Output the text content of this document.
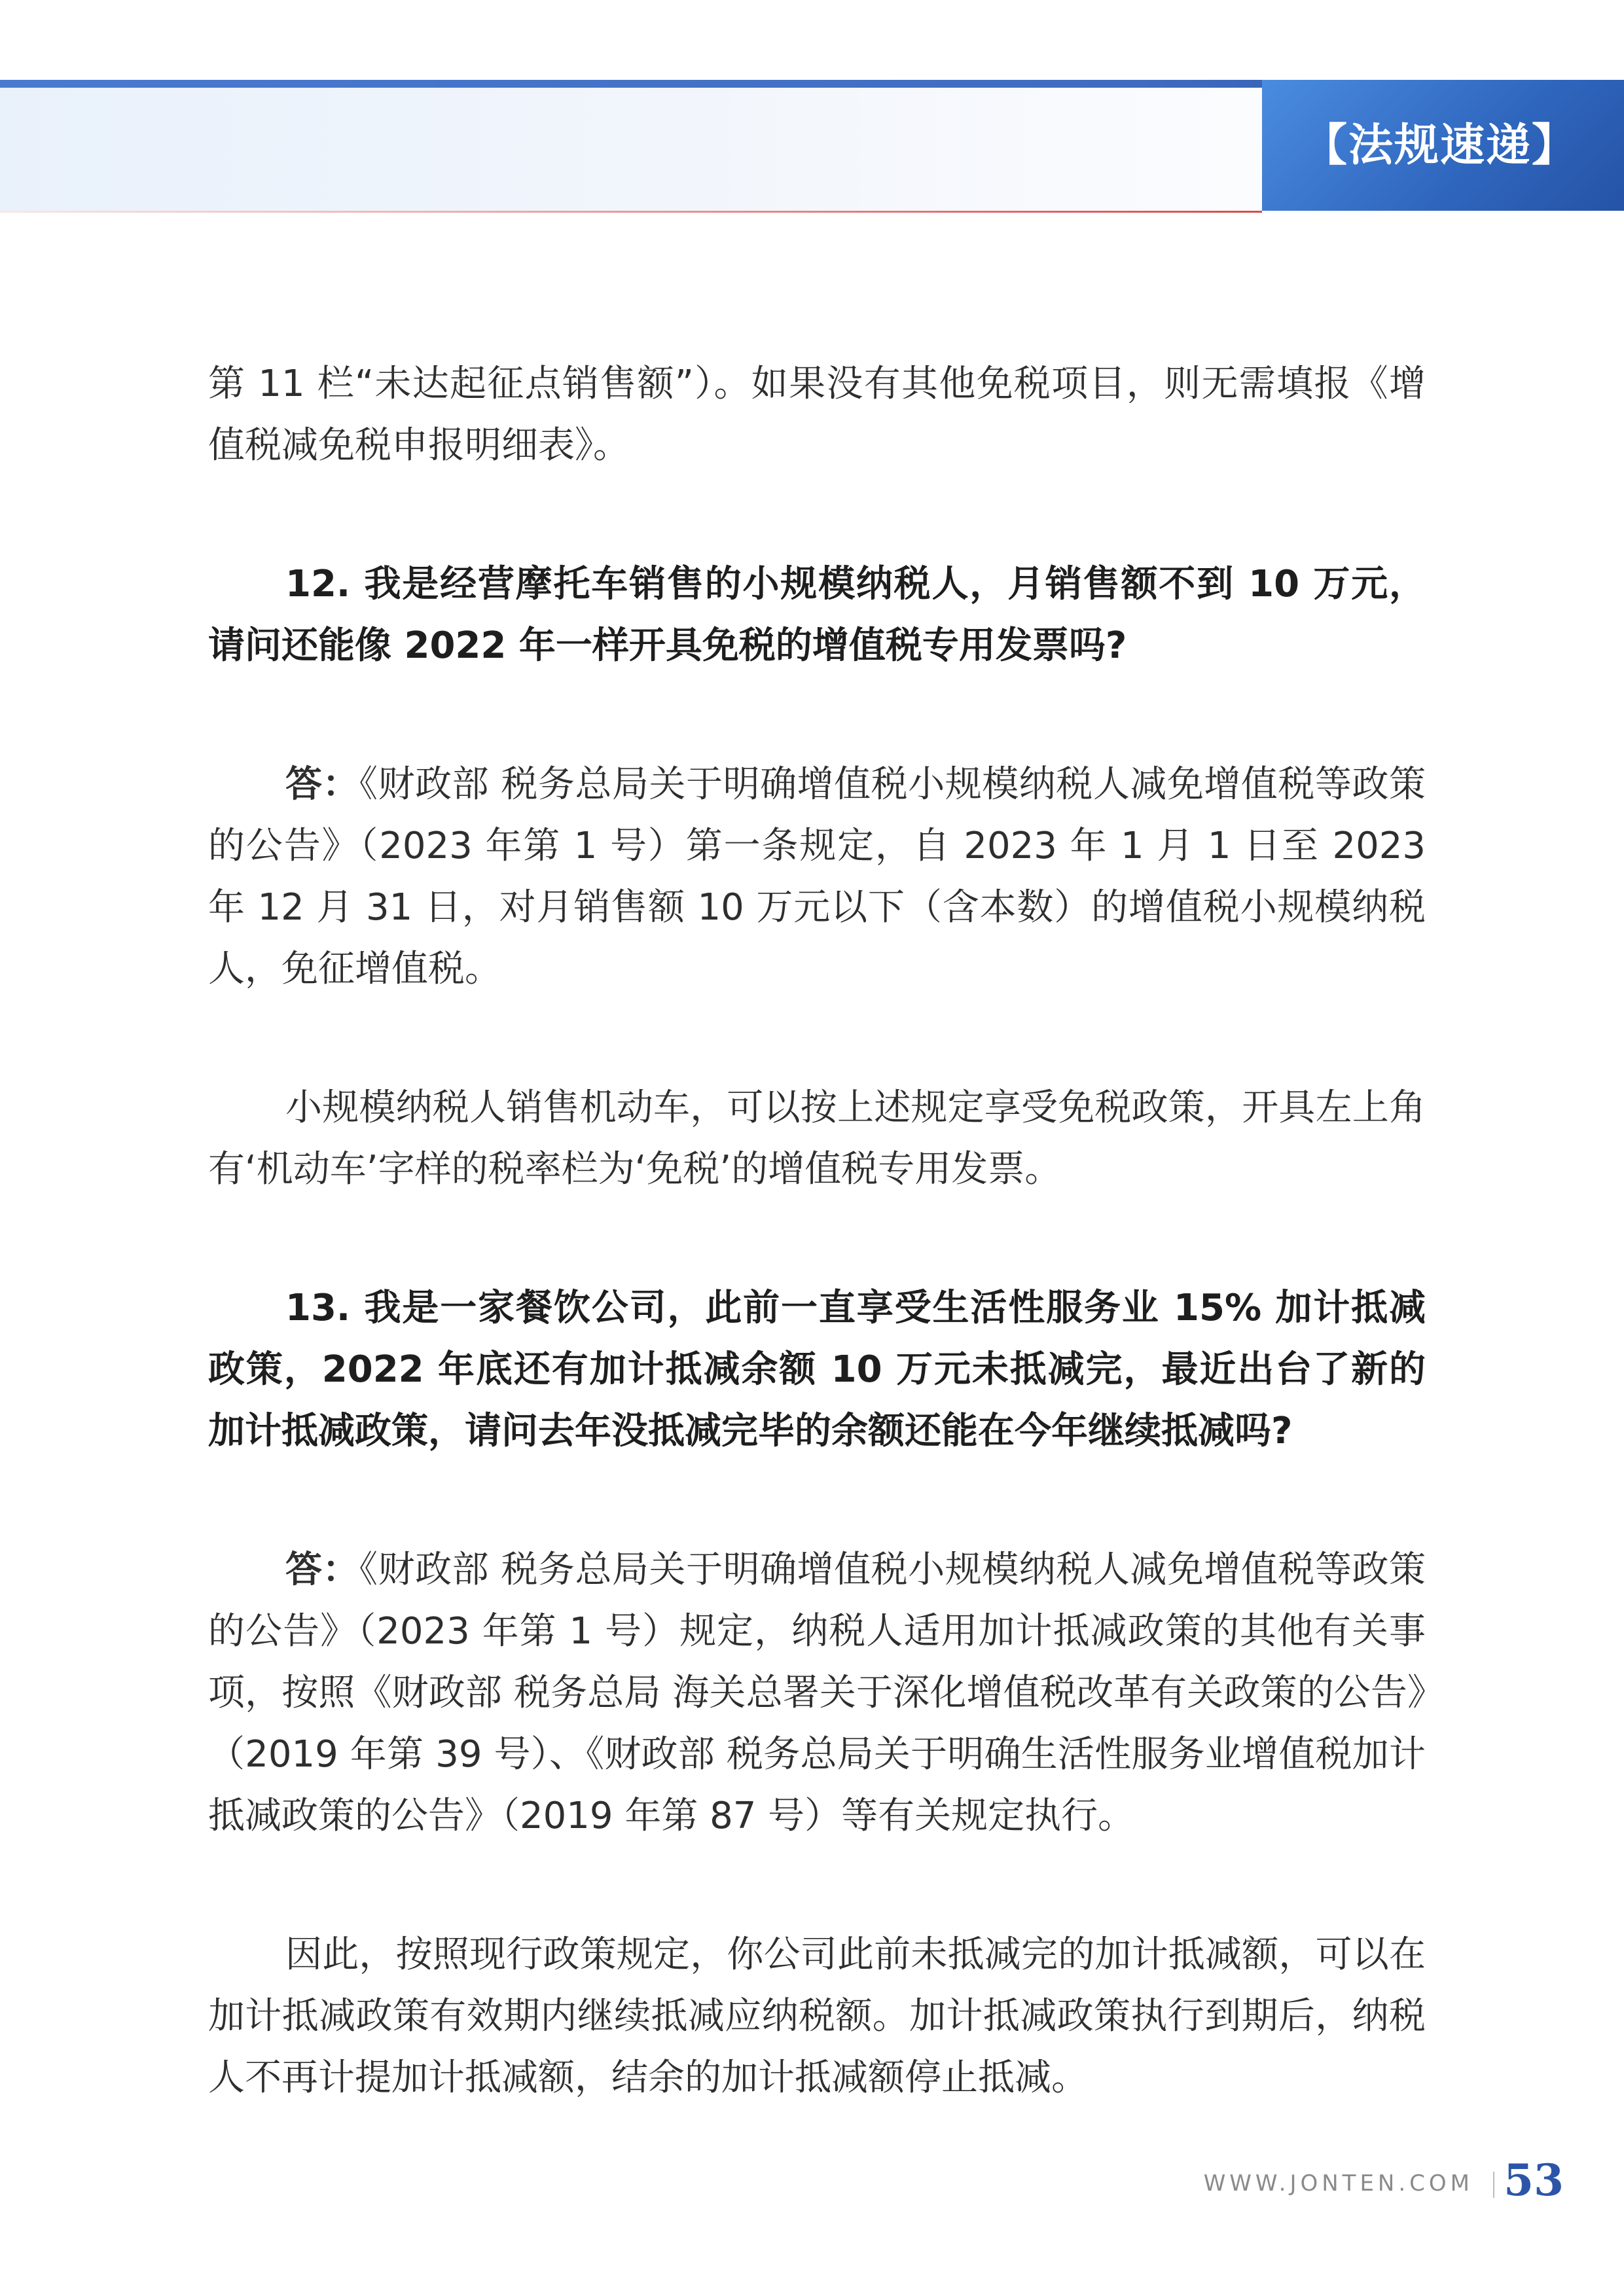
【法规速递】

第 11 栏“未达起征点销售额”）。如果没有其他免税项目，则无需填报《增值税减免税申报明细表》。

12. 我是经营摩托车销售的小规模纳税人，月销售额不到 10 万元，请问还能像 2022 年一样开具免税的增值税专用发票吗?

答：《财政部 税务总局关于明确增值税小规模纳税人减免增值税等政策的公告》（2023 年第 1 号）第一条规定，自 2023 年 1 月 1 日至 2023 年 12 月 31 日，对月销售额 10 万元以下（含本数）的增值税小规模纳税人，免征增值税。

小规模纳税人销售机动车，可以按上述规定享受免税政策，开具左上角有‘机动车’字样的税率栏为‘免税’的增值税专用发票。

13. 我是一家餐饮公司，此前一直享受生活性服务业 15% 加计抵减政策，2022 年底还有加计抵减余额 10 万元未抵减完，最近出台了新的加计抵减政策，请问去年没抵减完毕的余额还能在今年继续抵减吗?

答：《财政部 税务总局关于明确增值税小规模纳税人减免增值税等政策的公告》（2023 年第 1 号）规定，纳税人适用加计抵减政策的其他有关事项，按照《财政部 税务总局 海关总署关于深化增值税改革有关政策的公告》（2019 年第 39 号）、《财政部 税务总局关于明确生活性服务业增值税加计抵减政策的公告》（2019 年第 87 号）等有关规定执行。

因此，按照现行政策规定，你公司此前未抵减完的加计抵减额，可以在加计抵减政策有效期内继续抵减应纳税额。加计抵减政策执行到期后，纳税人不再计提加计抵减额，结余的加计抵减额停止抵减。

WWW.JONTEN.COM 53
